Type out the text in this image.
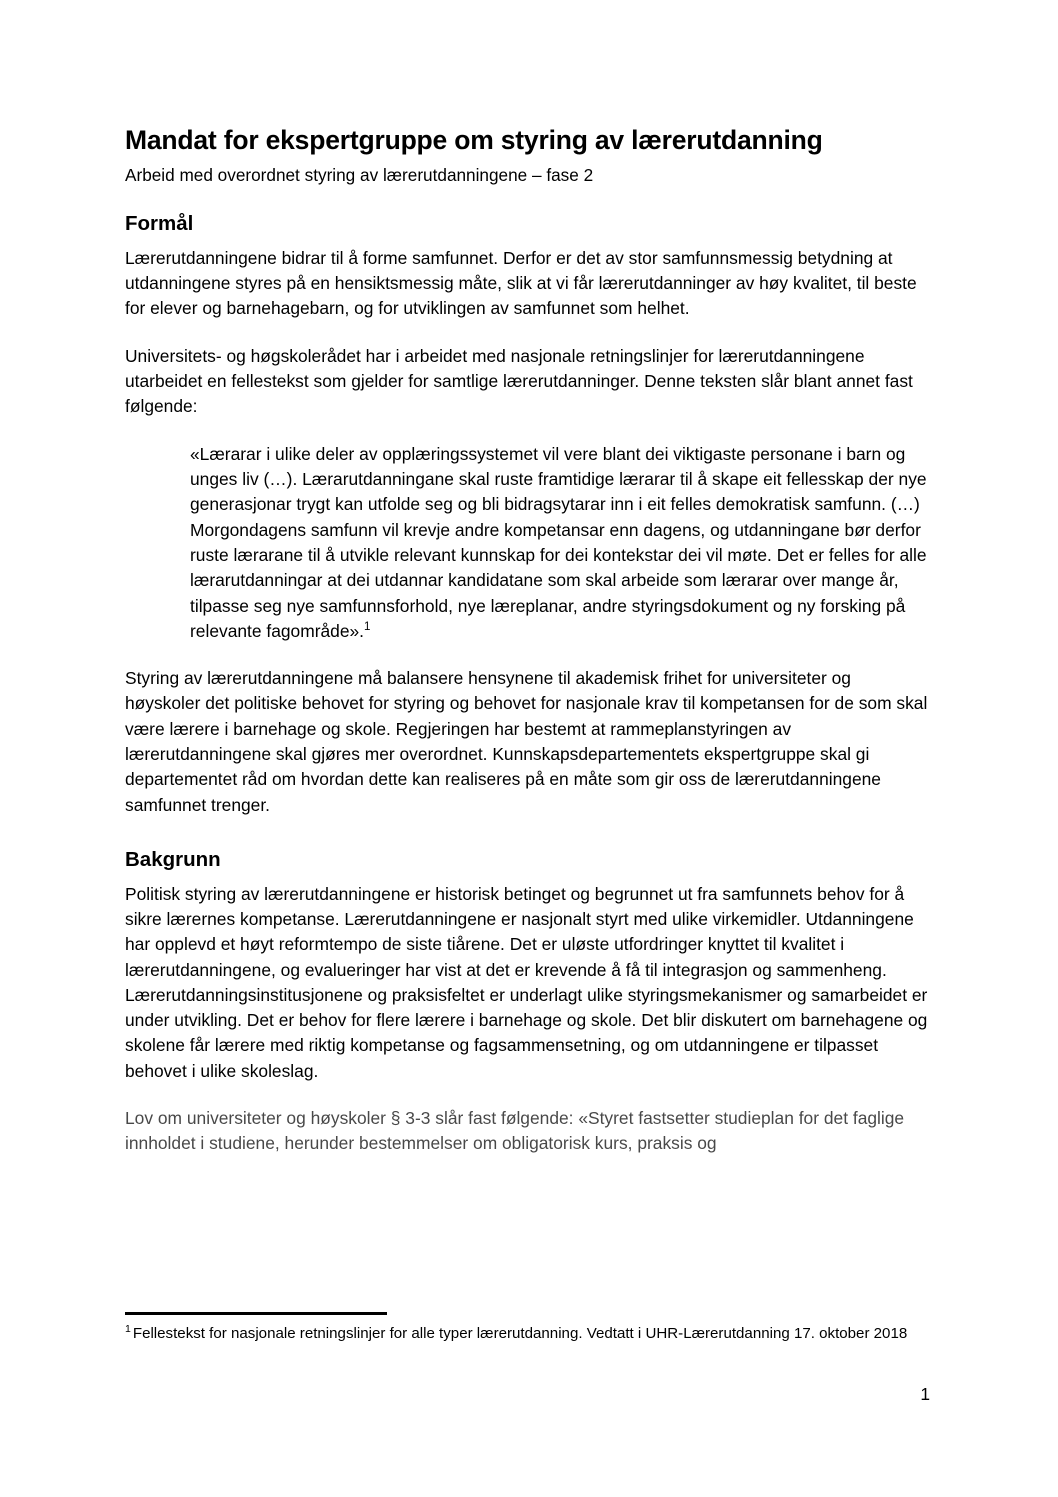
Mandat for ekspertgruppe om styring av lærerutdanning

Arbeid med overordnet styring av lærerutdanningene – fase 2

Formål

Lærerutdanningene bidrar til å forme samfunnet. Derfor er det av stor samfunnsmessig betydning at utdanningene styres på en hensiktsmessig måte, slik at vi får lærerutdanninger av høy kvalitet, til beste for elever og barnehagebarn, og for utviklingen av samfunnet som helhet.

Universitets- og høgskolerådet har i arbeidet med nasjonale retningslinjer for lærerutdanningene utarbeidet en fellestekst som gjelder for samtlige lærerutdanninger. Denne teksten slår blant annet fast følgende:

«Lærarar i ulike deler av opplæringssystemet vil vere blant dei viktigaste personane i barn og unges liv (…). Lærarutdanningane skal ruste framtidige lærarar til å skape eit fellesskap der nye generasjonar trygt kan utfolde seg og bli bidragsytarar inn i eit felles demokratisk samfunn. (…) Morgondagens samfunn vil krevje andre kompetansar enn dagens, og utdanningane bør derfor ruste lærarane til å utvikle relevant kunnskap for dei kontekstar dei vil møte. Det er felles for alle lærarutdanningar at dei utdannar kandidatane som skal arbeide som lærarar over mange år, tilpasse seg nye samfunnsforhold, nye læreplanar, andre styringsdokument og ny forsking på relevante fagområde».$^1$

Styring av lærerutdanningene må balansere hensynene til akademisk frihet for universiteter og høyskoler det politiske behovet for styring og behovet for nasjonale krav til kompetansen for de som skal være lærere i barnehage og skole. Regjeringen har bestemt at rammeplanstyringen av lærerutdanningene skal gjøres mer overordnet. Kunnskapsdepartementets ekspertgruppe skal gi departementet råd om hvordan dette kan realiseres på en måte som gir oss de lærerutdanningene samfunnet trenger.

Bakgrunn

Politisk styring av lærerutdanningene er historisk betinget og begrunnet ut fra samfunnets behov for å sikre lærernes kompetanse. Lærerutdanningene er nasjonalt styrt med ulike virkemidler. Utdanningene har opplevd et høyt reformtempo de siste tiårene. Det er uløste utfordringer knyttet til kvalitet i lærerutdanningene, og evalueringer har vist at det er krevende å få til integrasjon og sammenheng. Lærerutdanningsinstitusjonene og praksisfeltet er underlagt ulike styringsmekanismer og samarbeidet er under utvikling. Det er behov for flere lærere i barnehage og skole. Det blir diskutert om barnehagene og skolene får lærere med riktig kompetanse og fagsammensetning, og om utdanningene er tilpasset behovet i ulike skoleslag.

Lov om universiteter og høyskoler § 3-3 slår fast følgende: «Styret fastsetter studieplan for det faglige innholdet i studiene, herunder bestemmelser om obligatorisk kurs, praksis og

$^1$ Fellestekst for nasjonale retningslinjer for alle typer lærerutdanning. Vedtatt i UHR-Lærerutdanning 17. oktober 2018

1
